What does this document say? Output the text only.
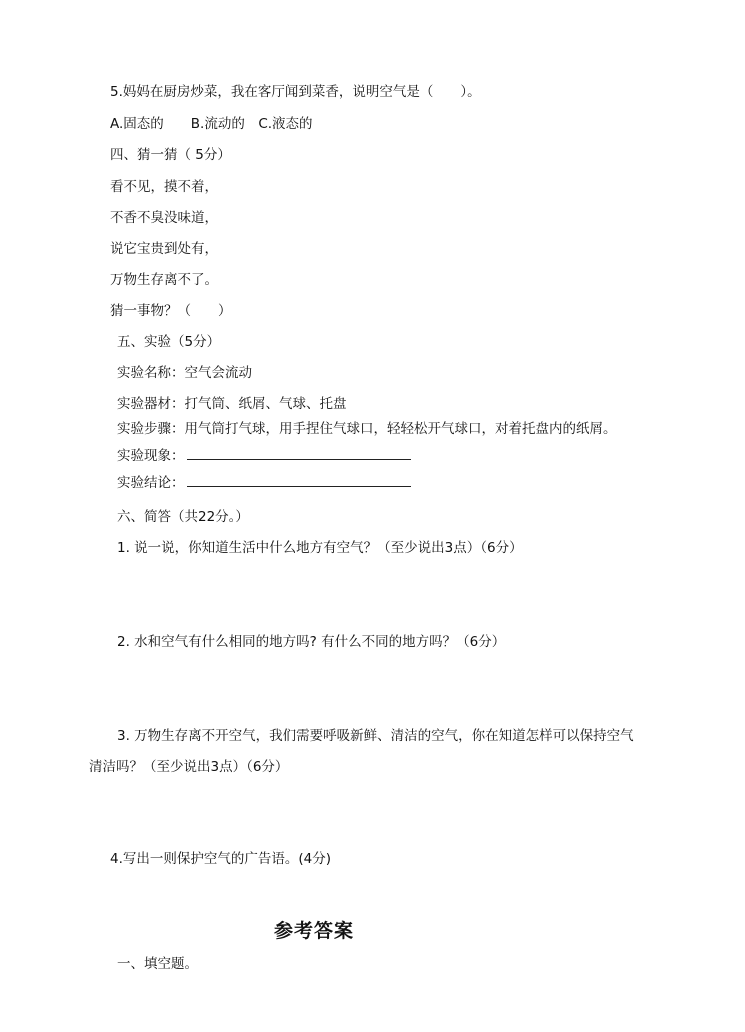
5.妈妈在厨房炒菜，我在客厅闻到菜香，说明空气是（　　）。
A.固态的　　B.流动的　C.液态的
四、猜一猜（ 5分）
看不见，摸不着，
不香不臭没味道，
说它宝贵到处有，
万物生存离不了。
猜一事物？（　　）
五、实验（5分）
实验名称：空气会流动
实验器材：打气筒、纸屑、气球、托盘
实验步骤：用气筒打气球，用手捏住气球口，轻轻松开气球口，对着托盘内的纸屑。
实验现象：
实验结论：
六、简答（共22分。）
1. 说一说，你知道生活中什么地方有空气？（至少说出3点）（6分）
2. 水和空气有什么相同的地方吗? 有什么不同的地方吗？（6分）
3. 万物生存离不开空气，我们需要呼吸新鲜、清洁的空气，你在知道怎样可以保持空气
清洁吗？（至少说出3点）（6分）
4.写出一则保护空气的广告语。(4分)
参考答案
一、填空题。
